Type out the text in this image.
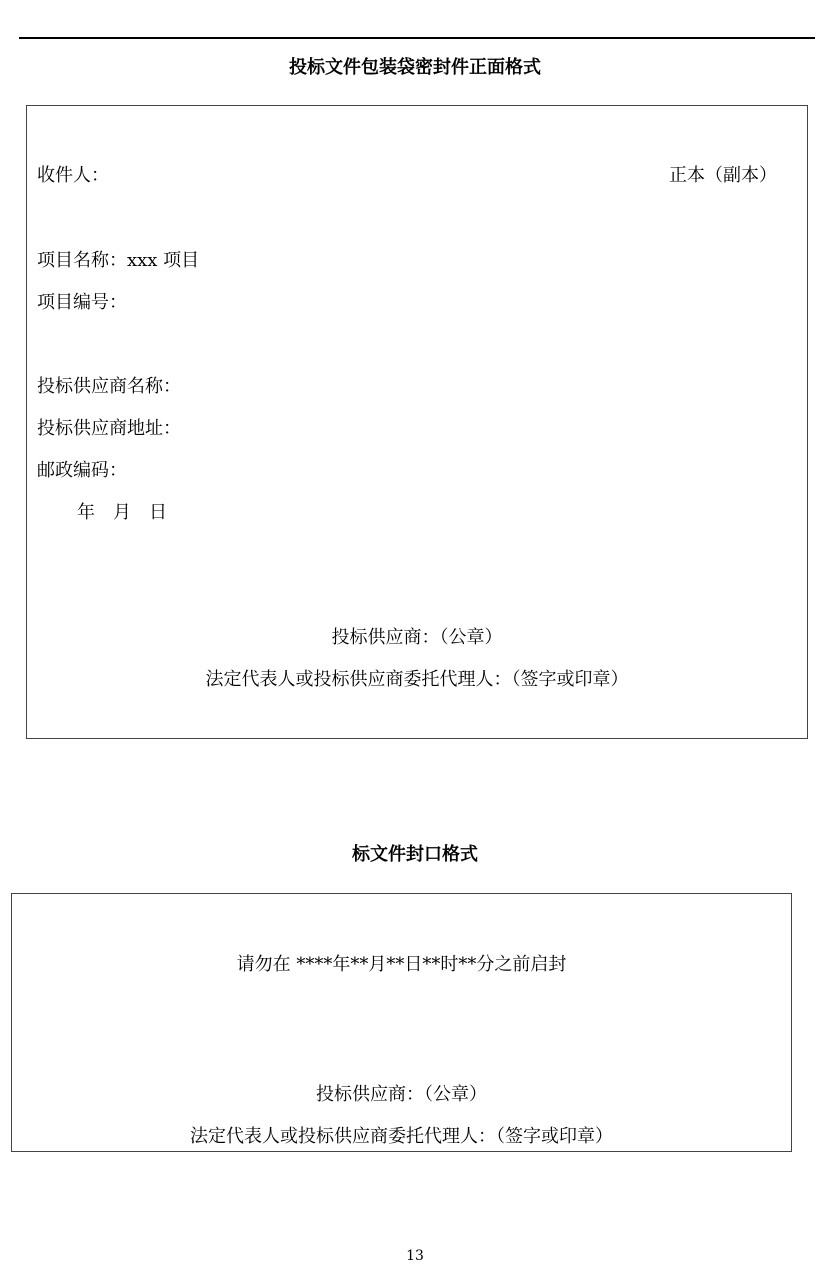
投标文件包装袋密封件正面格式
收件人：	正本（副本）
项目名称：xxx 项目
项目编号：
投标供应商名称：
投标供应商地址：
邮政编码：
年　月　日
投标供应商：（公章）
法定代表人或投标供应商委托代理人：（签字或印章）
标文件封口格式
请勿在 ****年**月**日**时**分之前启封
投标供应商：（公章）
法定代表人或投标供应商委托代理人：（签字或印章）
13
